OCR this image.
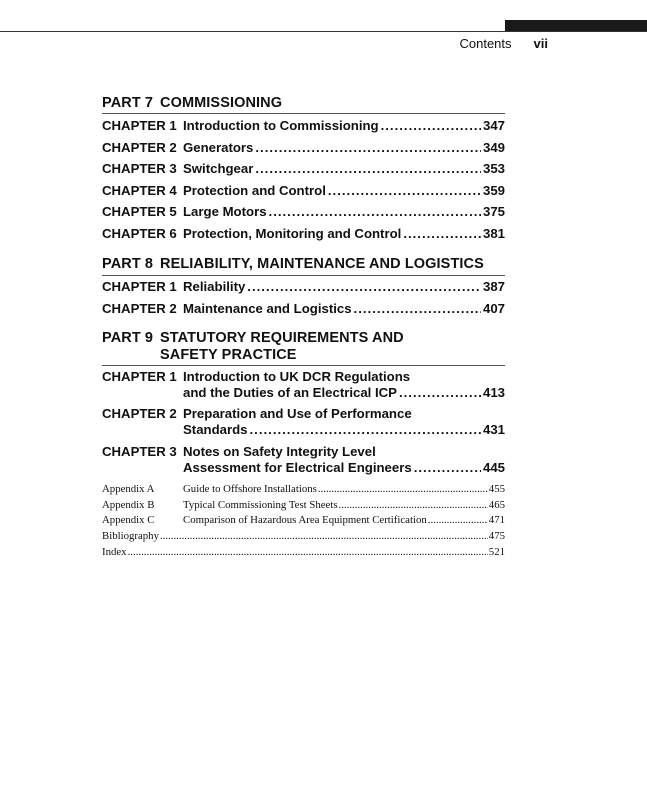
Contents vii
PART 7 COMMISSIONING
CHAPTER 1 Introduction to Commissioning .....	347
CHAPTER 2 Generators .....	349
CHAPTER 3 Switchgear .....	353
CHAPTER 4 Protection and Control .....	359
CHAPTER 5 Large Motors .....	375
CHAPTER 6 Protection, Monitoring and Control .....	381
PART 8 RELIABILITY, MAINTENANCE AND LOGISTICS
CHAPTER 1 Reliability .....	387
CHAPTER 2 Maintenance and Logistics .....	407
PART 9 STATUTORY REQUIREMENTS AND
SAFETY PRACTICE
CHAPTER 1 Introduction to UK DCR Regulations
and the Duties of an Electrical ICP .....	413
CHAPTER 2 Preparation and Use of Performance
Standards .....	431
CHAPTER 3 Notes on Safety Integrity Level
Assessment for Electrical Engineers .....	445
Appendix A	Guide to Offshore Installations .....	455
Appendix B	Typical Commissioning Test Sheets .....	465
Appendix C	Comparison of Hazardous Area Equipment Certification .....	471
Bibliography .....	475
Index .....	521
